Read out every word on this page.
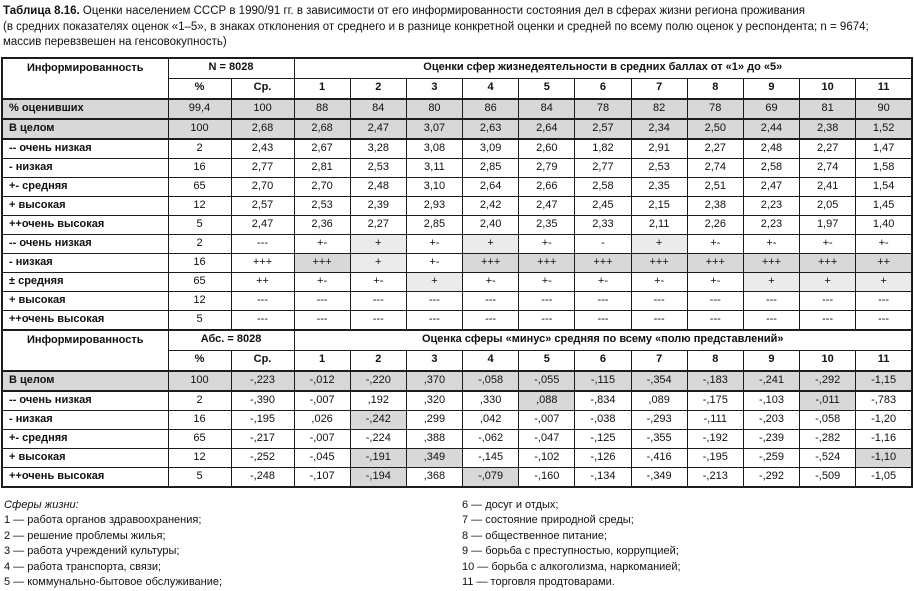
Таблица 8.16. Оценки населением СССР в 1990/91 гг. в зависимости от его информированности состояния дел в сферах жизни региона проживания
(в средних показателях оценок «1–5», в знаках отклонения от среднего и в разнице конкретной оценки и средней по всему полю оценок у респондента; n = 9674;
массив перевзвешен на генсовокупность)
Информированность	N = 8028		Оценки сфер жизнедеятельности в средних баллах от «1» до «5»										
	%	Ср.	1	2	3	4	5	6	7	8	9	10	11
% оценивших	99,4	100	88	84	80	86	84	78	82	78	69	81	90
В целом	100	2,68	2,68	2,47	3,07	2,63	2,64	2,57	2,34	2,50	2,44	2,38	1,52
-- очень низкая	2	2,43	2,67	3,28	3,08	3,09	2,60	1,82	2,91	2,27	2,48	2,27	1,47
- низкая	16	2,77	2,81	2,53	3,11	2,85	2,79	2,77	2,53	2,74	2,58	2,74	1,58
+- средняя	65	2,70	2,70	2,48	3,10	2,64	2,66	2,58	2,35	2,51	2,47	2,41	1,54
+ высокая	12	2,57	2,53	2,39	2,93	2,42	2,47	2,45	2,15	2,38	2,23	2,05	1,45
++очень высокая	5	2,47	2,36	2,27	2,85	2,40	2,35	2,33	2,11	2,26	2,23	1,97	1,40
-- очень низкая	2	---	+-	+	+-	+	+-	-	+	+-	+-	+-	+-
- низкая	16	+++	+++	+	+-	+++	+++	+++	+++	+++	+++	+++	++
± средняя	65	++	+-	+-	+	+-	+-	+-	+-	+-	+	+	+
+ высокая	12	---	---	---	---	---	---	---	---	---	---	---	---
++очень высокая	5	---	---	---	---	---	---	---	---	---	---	---	---
Информированность	Абс. = 8028		Оценка сферы «минус» средняя по всему «полю представлений»										
	%	Ср.	1	2	3	4	5	6	7	8	9	10	11
В целом	100	-,223	-,012	-,220	,370	-,058	-,055	-,115	-,354	-,183	-,241	-,292	-1,15
-- очень низкая	2	-,390	-,007	,192	,320	,330	,088	-,834	,089	-,175	-,103	-,011	-,783
- низкая	16	-,195	,026	-,242	,299	,042	-,007	-,038	-,293	-,111	-,203	-,058	-1,20
+- средняя	65	-,217	-,007	-,224	,388	-,062	-,047	-,125	-,355	-,192	-,239	-,282	-1,16
+ высокая	12	-,252	-,045	-,191	,349	-,145	-,102	-,126	-,416	-,195	-,259	-,524	-1,10
++очень высокая	5	-,248	-,107	-,194	,368	-,079	-,160	-,134	-,349	-,213	-,292	-,509	-1,05
Сферы жизни:
1 — работа органов здравоохранения;
2 — решение проблемы жилья;
3 — работа учреждений культуры;
4 — работа транспорта, связи;
5 — коммунально-бытовое обслуживание;
6 — досуг и отдых;
7 — состояние природной среды;
8 — общественное питание;
9 — борьба с преступностью, коррупцией;
10 — борьба с алкоголизма, наркоманией;
11 — торговля продтоварами.
